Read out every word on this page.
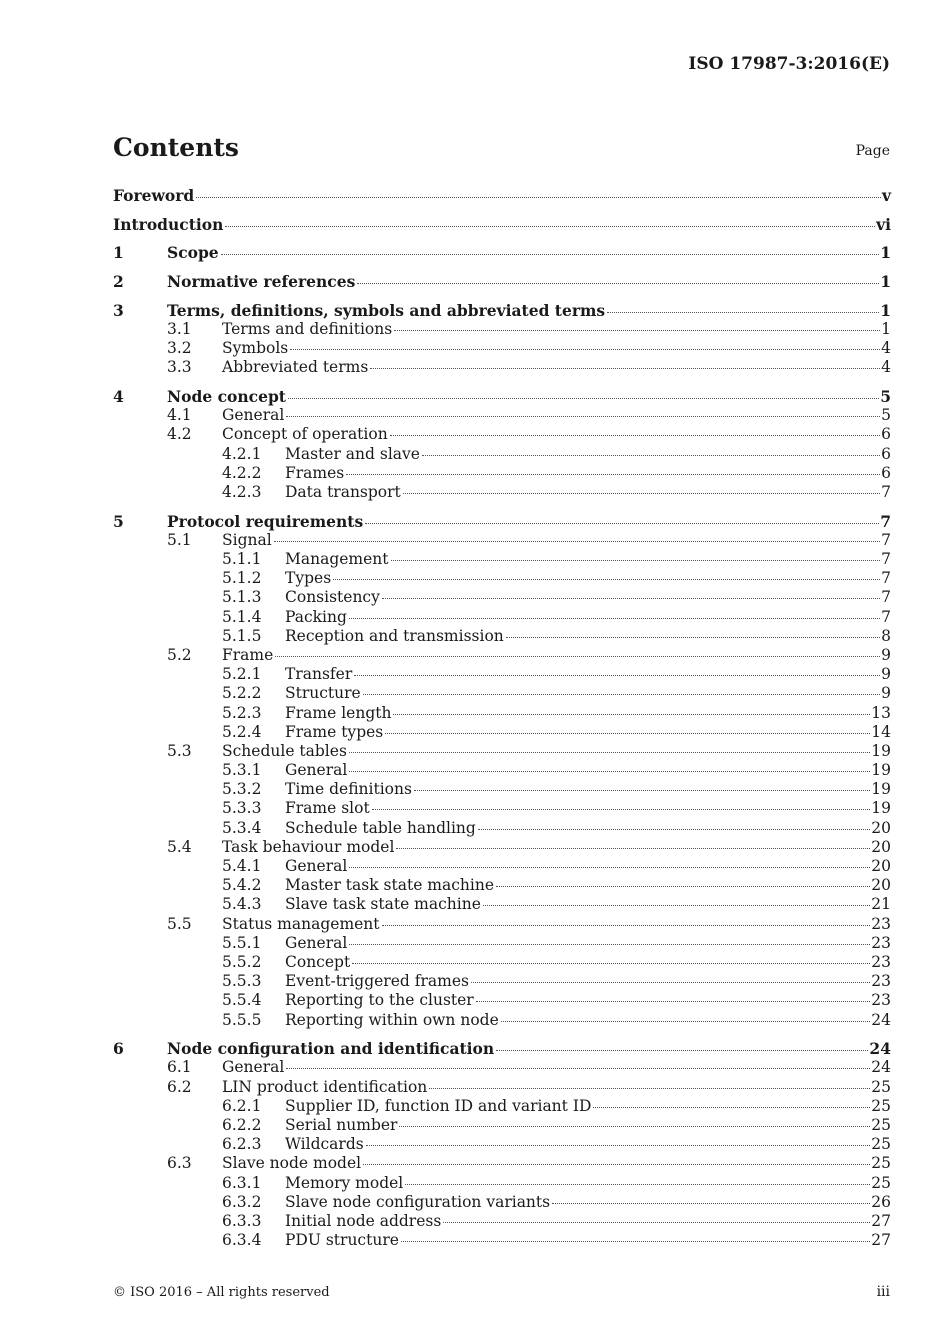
ISO 17987-3:2016(E)
Contents	Page
Foreword	v
Introduction	vi
1	Scope	1
2	Normative references	1
3	Terms, definitions, symbols and abbreviated terms	1
3.1 Terms and definitions	1
3.2 Symbols	4
3.3 Abbreviated terms	4
4	Node concept	5
4.1 General	5
4.2 Concept of operation	6
4.2.1 Master and slave	6
4.2.2 Frames	6
4.2.3 Data transport	7
5	Protocol requirements	7
5.1 Signal	7
5.1.1 Management	7
5.1.2 Types	7
5.1.3 Consistency	7
5.1.4 Packing	7
5.1.5 Reception and transmission	8
5.2 Frame	9
5.2.1 Transfer	9
5.2.2 Structure	9
5.2.3 Frame length	13
5.2.4 Frame types	14
5.3 Schedule tables	19
5.3.1 General	19
5.3.2 Time definitions	19
5.3.3 Frame slot	19
5.3.4 Schedule table handling	20
5.4 Task behaviour model	20
5.4.1 General	20
5.4.2 Master task state machine	20
5.4.3 Slave task state machine	21
5.5 Status management	23
5.5.1 General	23
5.5.2 Concept	23
5.5.3 Event-triggered frames	23
5.5.4 Reporting to the cluster	23
5.5.5 Reporting within own node	24
6	Node configuration and identification	24
6.1 General	24
6.2 LIN product identification	25
6.2.1 Supplier ID, function ID and variant ID	25
6.2.2 Serial number	25
6.2.3 Wildcards	25
6.3 Slave node model	25
6.3.1 Memory model	25
6.3.2 Slave node configuration variants	26
6.3.3 Initial node address	27
6.3.4 PDU structure	27
© ISO 2016 – All rights reserved	iii
